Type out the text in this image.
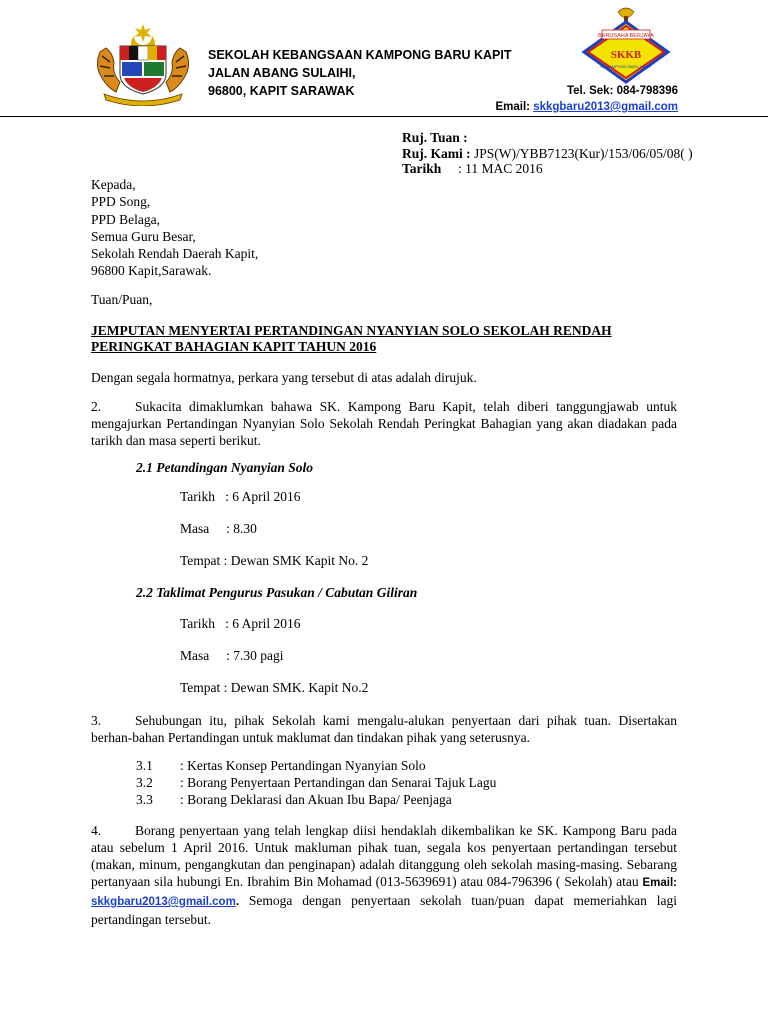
SEKOLAH KEBANGSAAN KAMPONG BARU KAPIT
JALAN ABANG SULAIHI,
96800, KAPIT SARAWAK
BERUSAHA BERJAYA
SKKB
SK KAMPONG BARU KAPIT
Tel. Sek: 084-798396
Email: skkgbaru2013@gmail.com
Ruj. Tuan :
Ruj. Kami : JPS(W)/YBB7123(Kur)/153/06/05/08( )
Tarikh : 11 MAC 2016
Kepada,
PPD Song,
PPD Belaga,
Semua Guru Besar,
Sekolah Rendah Daerah Kapit,
96800 Kapit,Sarawak.
Tuan/Puan,
JEMPUTAN MENYERTAI PERTANDINGAN NYANYIAN SOLO SEKOLAH RENDAH
PERINGKAT BAHAGIAN KAPIT TAHUN 2016
Dengan segala hormatnya, perkara yang tersebut di atas adalah dirujuk.
2.	Sukacita dimaklumkan bahawa SK. Kampong Baru Kapit, telah diberi tanggungjawab untuk mengajurkan Pertandingan Nyanyian Solo Sekolah Rendah Peringkat Bahagian yang akan diadakan pada tarikh dan masa seperti berikut.
2.1 Petandingan Nyanyian Solo
Tarikh   : 6 April 2016
Masa     : 8.30
Tempat : Dewan SMK Kapit No. 2
2.2 Taklimat Pengurus Pasukan / Cabutan Giliran
Tarikh   : 6 April 2016
Masa     : 7.30 pagi
Tempat : Dewan SMK. Kapit No.2
3.	Sehubungan itu, pihak Sekolah kami mengalu-alukan penyertaan dari pihak tuan. Disertakan berhan-bahan Pertandingan untuk maklumat dan tindakan pihak yang seterusnya.
3.1 : Kertas Konsep Pertandingan Nyanyian Solo
3.2 : Borang Penyertaan Pertandingan dan Senarai Tajuk Lagu
3.3 : Borang Deklarasi dan Akuan Ibu Bapa/ Peenjaga
4.	Borang penyertaan yang telah lengkap diisi hendaklah dikembalikan ke SK. Kampong Baru pada atau sebelum 1 April 2016. Untuk makluman pihak tuan, segala kos penyertaan pertandingan tersebut (makan, minum, pengangkutan dan penginapan) adalah ditanggung oleh sekolah masing-masing. Sebarang pertanyaan sila hubungi En. Ibrahim Bin Mohamad (013-5639691) atau 084-796396 ( Sekolah) atau Email: skkgbaru2013@gmail.com. Semoga dengan penyertaan sekolah tuan/puan dapat memeriahkan lagi pertandingan tersebut.
